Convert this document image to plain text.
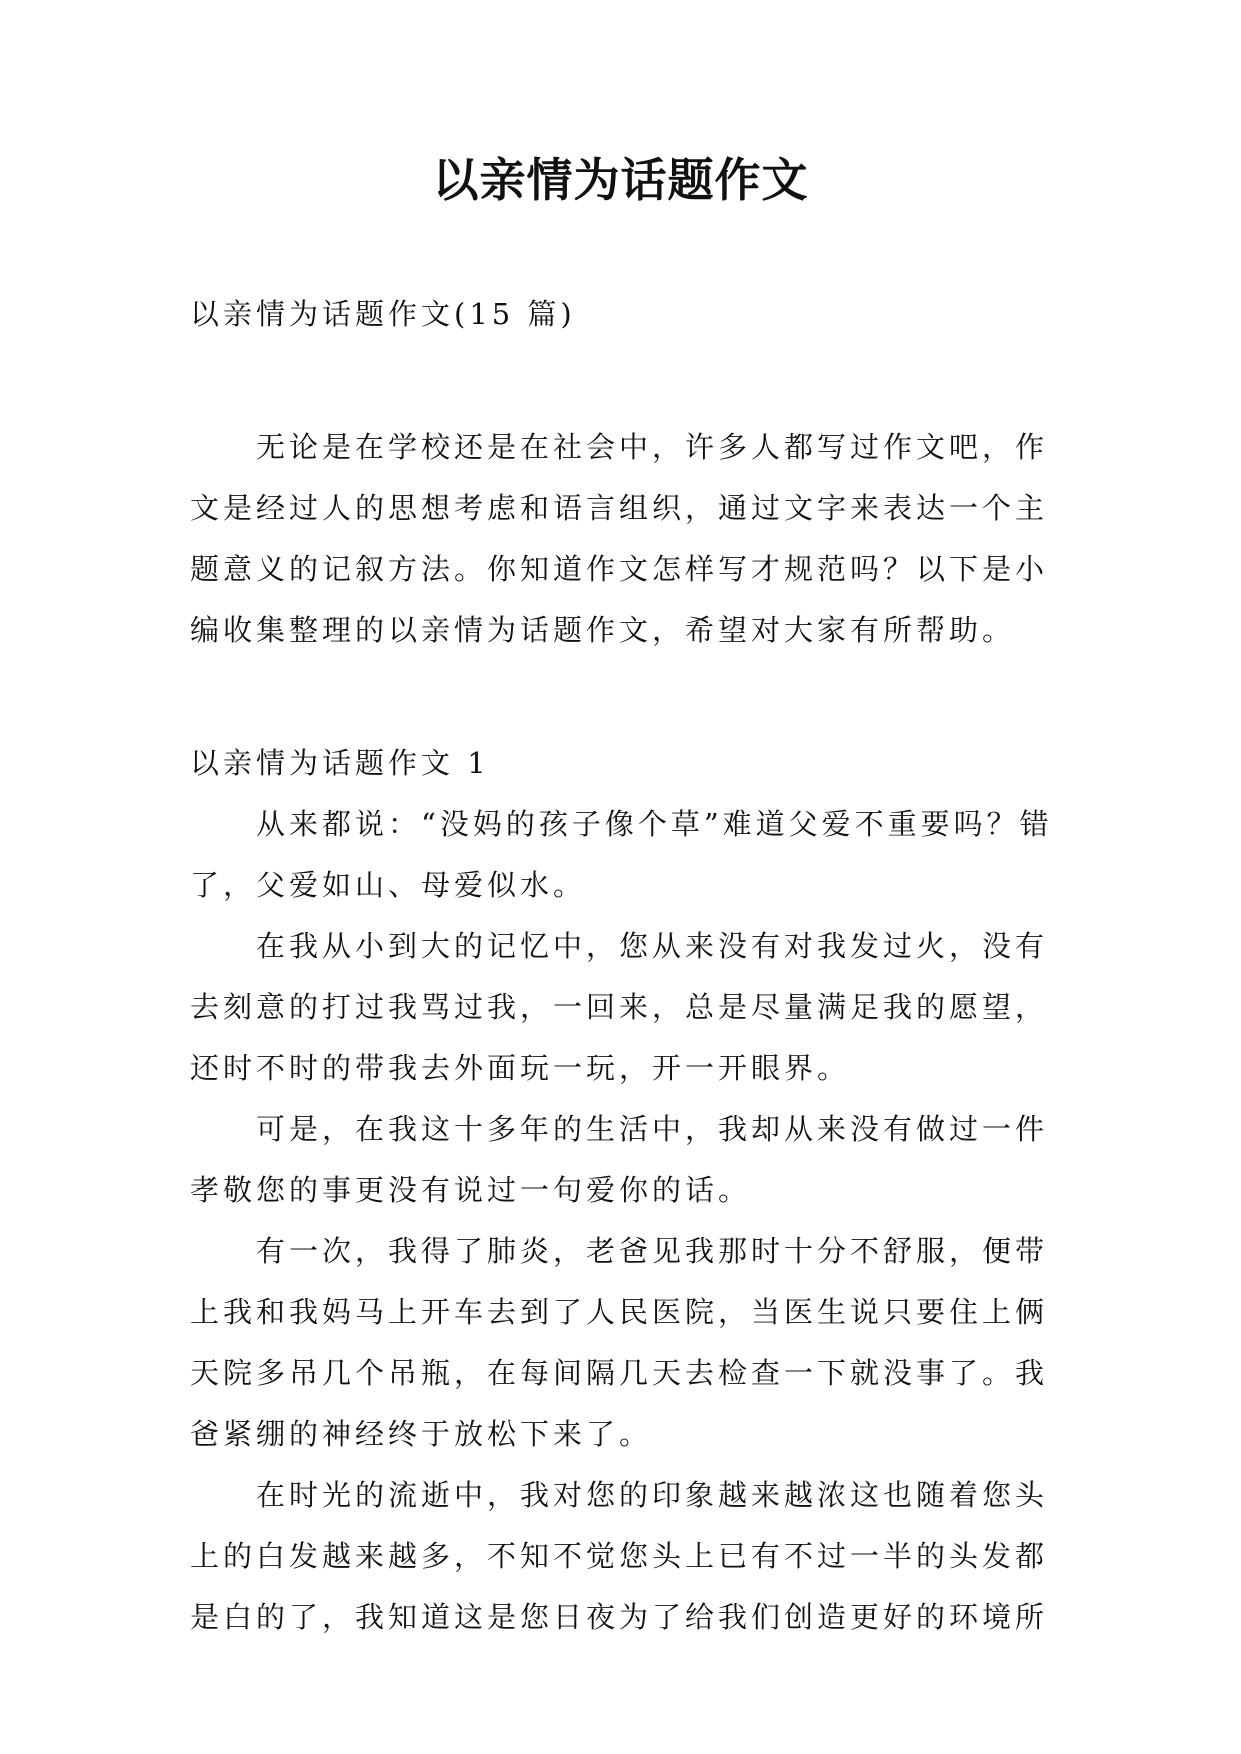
以亲情为话题作文

以亲情为话题作文(15 篇)

无论是在学校还是在社会中，许多人都写过作文吧，作文是经过人的思想考虑和语言组织，通过文字来表达一个主题意义的记叙方法。你知道作文怎样写才规范吗？以下是小编收集整理的以亲情为话题作文，希望对大家有所帮助。

以亲情为话题作文 1

从来都说：“没妈的孩子像个草”难道父爱不重要吗？错了，父爱如山、母爱似水。

在我从小到大的记忆中，您从来没有对我发过火，没有去刻意的打过我骂过我，一回来，总是尽量满足我的愿望，还时不时的带我去外面玩一玩，开一开眼界。

可是，在我这十多年的生活中，我却从来没有做过一件孝敬您的事更没有说过一句爱你的话。

有一次，我得了肺炎，老爸见我那时十分不舒服，便带上我和我妈马上开车去到了人民医院，当医生说只要住上俩天院多吊几个吊瓶，在每间隔几天去检查一下就没事了。我爸紧绷的神经终于放松下来了。

在时光的流逝中，我对您的印象越来越浓这也随着您头上的白发越来越多，不知不觉您头上已有不过一半的头发都是白的了，我知道这是您日夜为了给我们创造更好的环境所
